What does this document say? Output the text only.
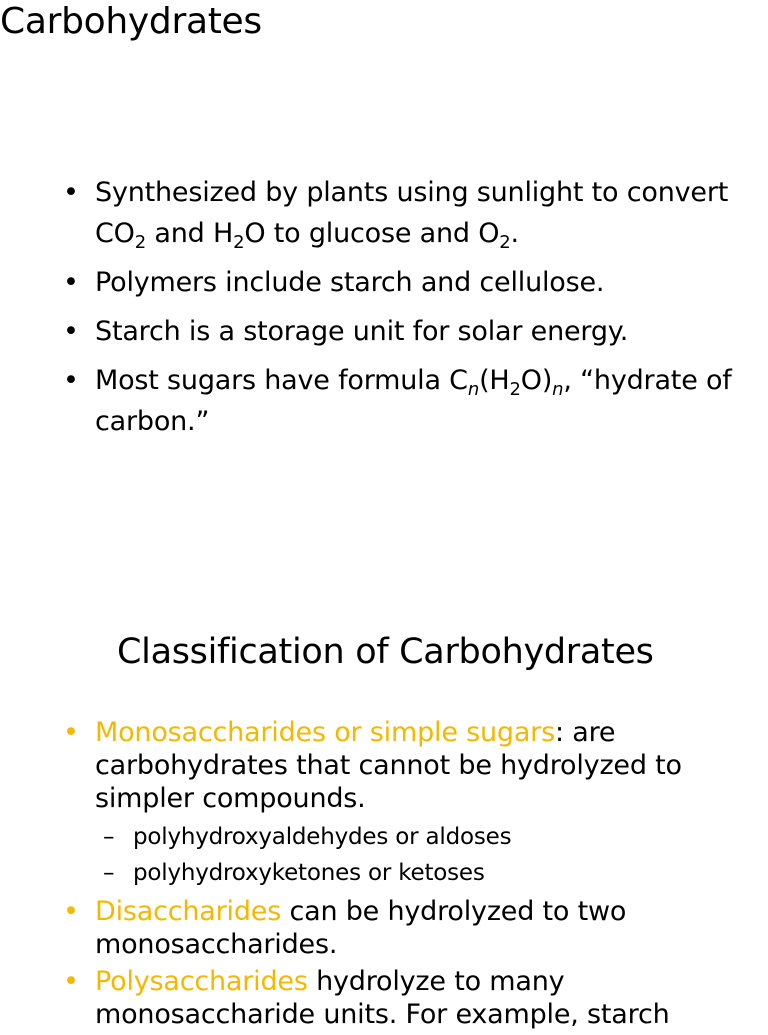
Carbohydrates
• Synthesized by plants using sunlight to convert $CO_2$ and $H_2O$ to glucose and $O_2$.
• Polymers include starch and cellulose.
• Starch is a storage unit for solar energy.
• Most sugars have formula $C_n(H_2O)_n$, “hydrate of carbon.”
Classification of Carbohydrates
• Monosaccharides or simple sugars: are carbohydrates that cannot be hydrolyzed to simpler compounds.
– polyhydroxyaldehydes or aldoses
– polyhydroxyketones or ketoses
• Disaccharides can be hydrolyzed to two monosaccharides.
• Polysaccharides hydrolyze to many monosaccharide units. For example, starch
